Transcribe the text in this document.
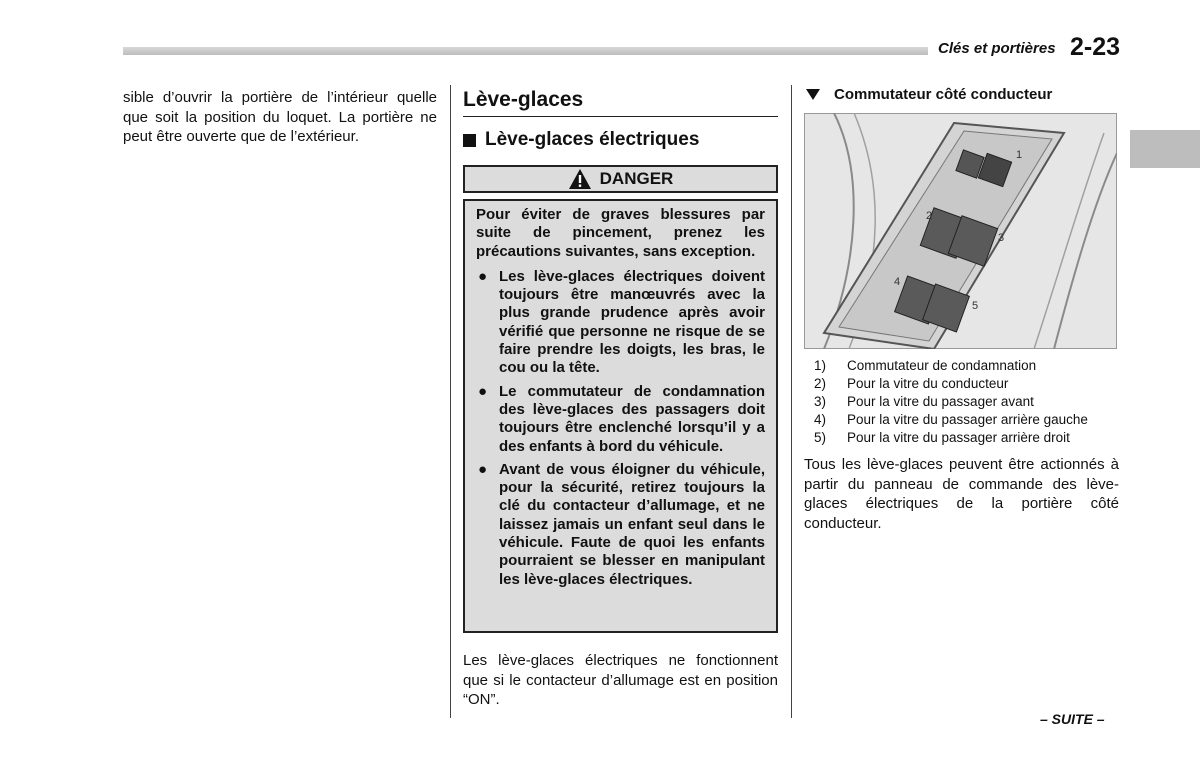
Clés et portières 2-23

sible d’ouvrir la portière de l’intérieur quelle que soit la position du loquet. La portière ne peut être ouverte que de l’extérieur.

Lève-glaces
Lève-glaces électriques
DANGER

Pour éviter de graves blessures par suite de pincement, prenez les précautions suivantes, sans exception.

● Les lève-glaces électriques doivent toujours être manœuvrés avec la plus grande prudence après avoir vérifié que personne ne risque de se faire prendre les doigts, les bras, le cou ou la tête.
● Le commutateur de condamnation des lève-glaces des passagers doit toujours être enclenché lorsqu’il y a des enfants à bord du véhicule.
● Avant de vous éloigner du véhicule, pour la sécurité, retirez toujours la clé du contacteur d’allumage, et ne laissez jamais un enfant seul dans le véhicule. Faute de quoi les enfants pourraient se blesser en manipulant les lève-glaces électriques.

Les lève-glaces électriques ne fonctionnent que si le contacteur d’allumage est en position “ON”.

Commutateur côté conducteur
1
2
3
4
5
1)	Commutateur de condamnation
2)	Pour la vitre du conducteur
3)	Pour la vitre du passager avant
4)	Pour la vitre du passager arrière gauche
5)	Pour la vitre du passager arrière droit

Tous les lève-glaces peuvent être actionnés à partir du panneau de commande des lève-glaces électriques de la portière côté conducteur.

– SUITE –
